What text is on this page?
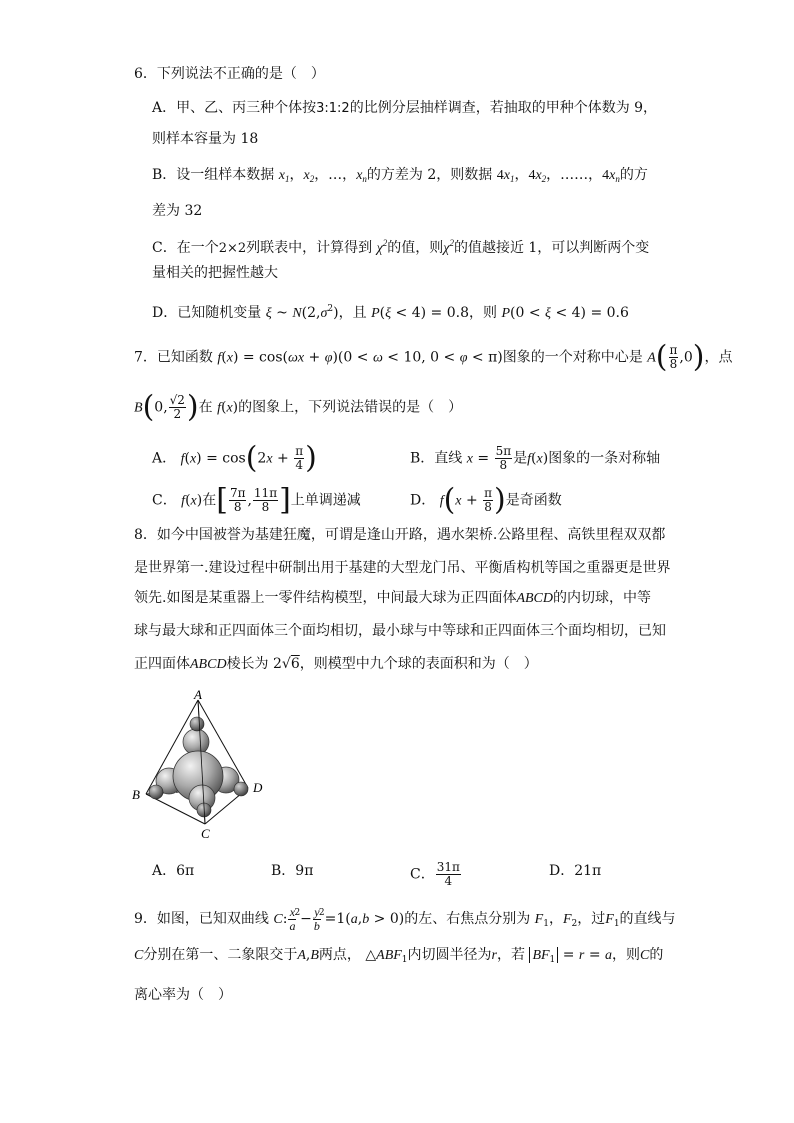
6．下列说法不正确的是（　）
A．甲、乙、丙三种个体按3:1:2的比例分层抽样调查，若抽取的甲种个体数为 9，
则样本容量为 18
B．设一组样本数据 $x_1$，$x_2$，…，$x_n$的方差为 2，则数据 $4x_1$，$4x_2$，……，$4x_n$的方
差为 32
C．在一个2×2列联表中，计算得到 $\chi^2$的值，则$\chi^2$的值越接近 1，可以判断两个变
量相关的把握性越大
D．已知随机变量 ξ ~ $N(2,\sigma^2)$，且 P(ξ < 4) = 0.8，则 P(0 < ξ < 4) = 0.6
7．已知函数 f(x) = cos(ωx + φ)(0 < ω < 10, 0 < φ < π)图象的一个对称中心是 $A( \frac{\pi}{8} ,0)$，点
B(0, $\frac{√2}{2}$ )在 f(x)的图象上，下列说法错误的是（　）
A． $f(x) = \cos(2x + \frac{\pi}{4}$ )	B．直线 $x = \frac{5\pi}{8}$ 是f(x)图象的一条对称轴
C． f(x)在[ $\frac{7\pi}{8}$ , $\frac{11\pi}{8}$ ]上单调递减	D． $f(x + \frac{\pi}{8}$ )是奇函数
8．如今中国被誉为基建狂魔，可谓是逢山开路，遇水架桥.公路里程、高铁里程双双都
是世界第一.建设过程中研制出用于基建的大型龙门吊、平衡盾构机等国之重器更是世界
领先.如图是某重器上一零件结构模型，中间最大球为正四面体ABCD的内切球，中等
球与最大球和正四面体三个面均相切，最小球与中等球和正四面体三个面均相切，已知
正四面体ABCD棱长为 2√6，则模型中九个球的表面积和为（　）
A
B
C
D
A．6π	B．9π	C． $\frac{31\pi}{4}$	D．21π
9．如图，已知双曲线 C: $\frac{x}{a}$
$^2- \frac{y}{b}$
$^2$=1(a,b > 0)的左、右焦点分别为 $F_1$，$F_2$，过$F_1$的直线与
C分别在第一、二象限交于A,B两点， $\triangle ABF_1$内切圆半径为r，若 $BF_1 = r = a$，则C的
离心率为（　）
